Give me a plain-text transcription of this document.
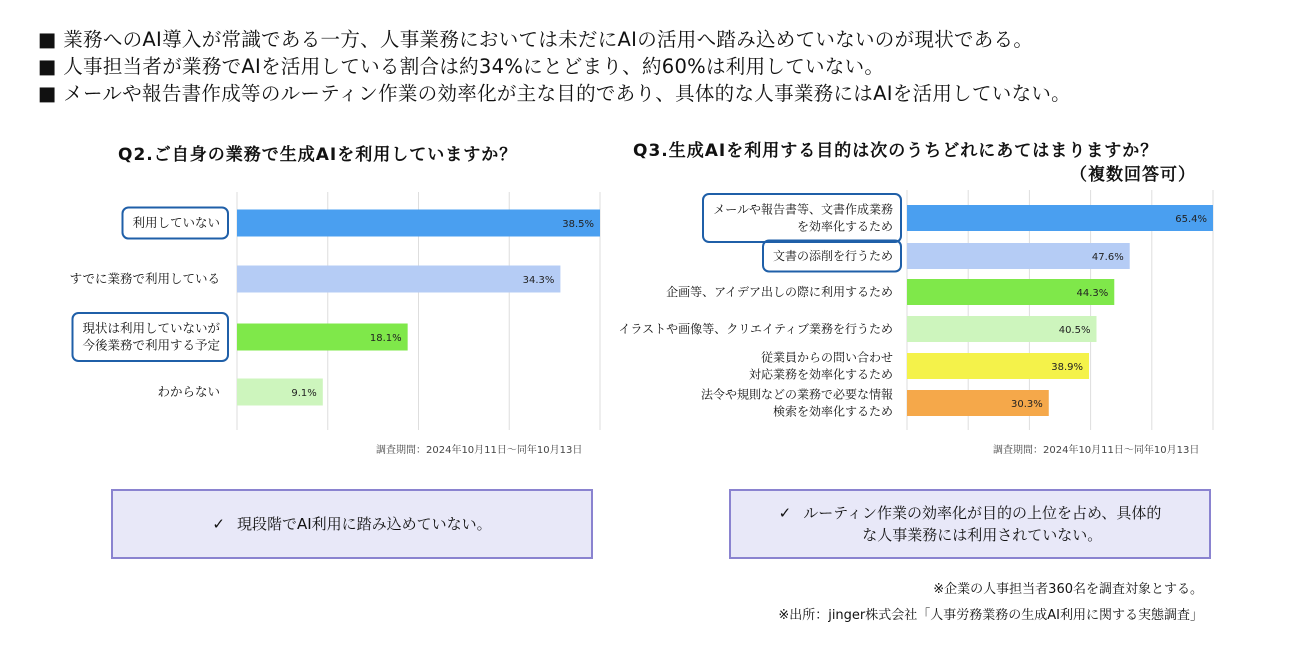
■ 業務へのAI導入が常識である一方、人事業務においては未だにAIの活用へ踏み込めていないのが現状である。
■ 人事担当者が業務でAIを活用している割合は約34%にとどまり、約60%は利用していない。
■ メールや報告書作成等のルーティン作業の効率化が主な目的であり、具体的な人事業務にはAIを活用していない。
Q2.ご自身の業務で生成AIを利用していますか？	Q3.生成AIを利用する目的は次のうちどれにあてはまりますか？
（複数回答可）
38.5%
利用していない
34.3%
すでに業務で利用している
18.1%
現状は利用していないが
今後業務で利用する予定
9.1%
わからない
65.4%
メールや報告書等、文書作成業務
を効率化するため
47.6%
文書の添削を行うため
44.3%
企画等、アイデア出しの際に利用するため
40.5%
イラストや画像等、クリエイティブ業務を行うため
38.9%
従業員からの問い合わせ
対応業務を効率化するため
30.3%
法令や規則などの業務で必要な情報
検索を効率化するため
調査期間：2024年10月11日～同年10月13日	調査期間：2024年10月11日～同年10月13日
✓ 現段階でAI利用に踏み込めていない。
✓ ルーティン作業の効率化が目的の上位を占め、具体的
な人事業務には利用されていない。
※企業の人事担当者360名を調査対象とする。
※出所：jinger株式会社「人事労務業務の生成AI利用に関する実態調査」
